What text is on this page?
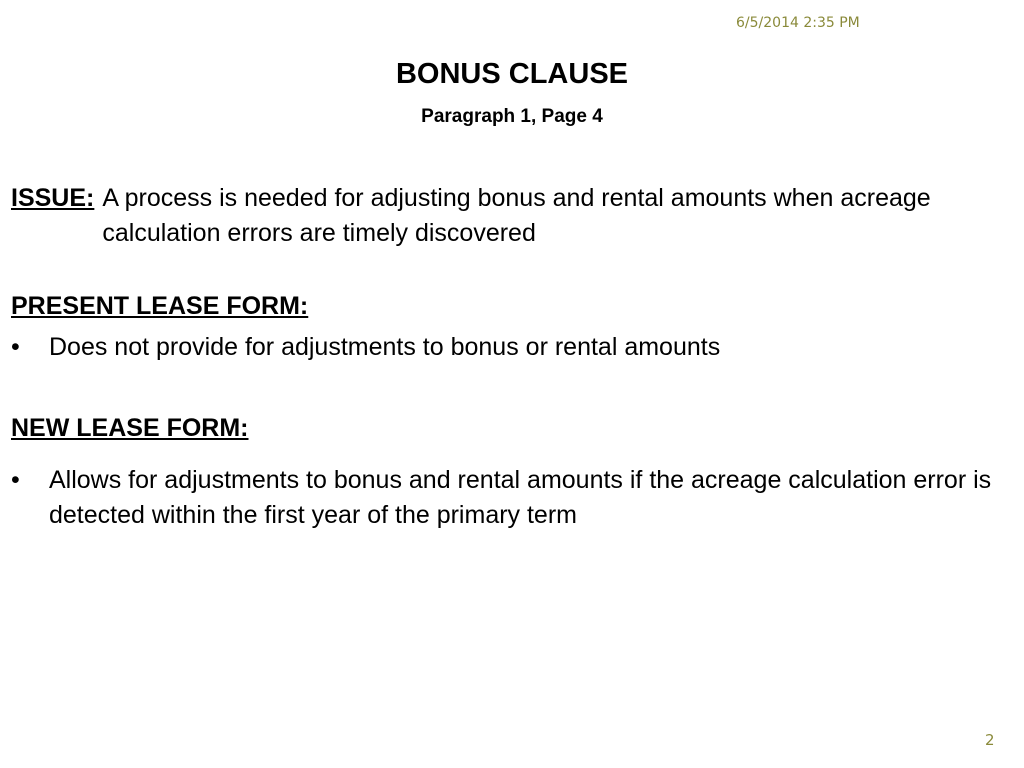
6/5/2014 2:35 PM
BONUS CLAUSE
Paragraph 1, Page 4
ISSUE: A process is needed for adjusting bonus and rental amounts when acreage calculation errors are timely discovered
PRESENT LEASE FORM:
•	Does not provide for adjustments to bonus or rental amounts
NEW LEASE FORM:
•	Allows for adjustments to bonus and rental amounts if the acreage calculation error is detected within the first year of the primary term
2
